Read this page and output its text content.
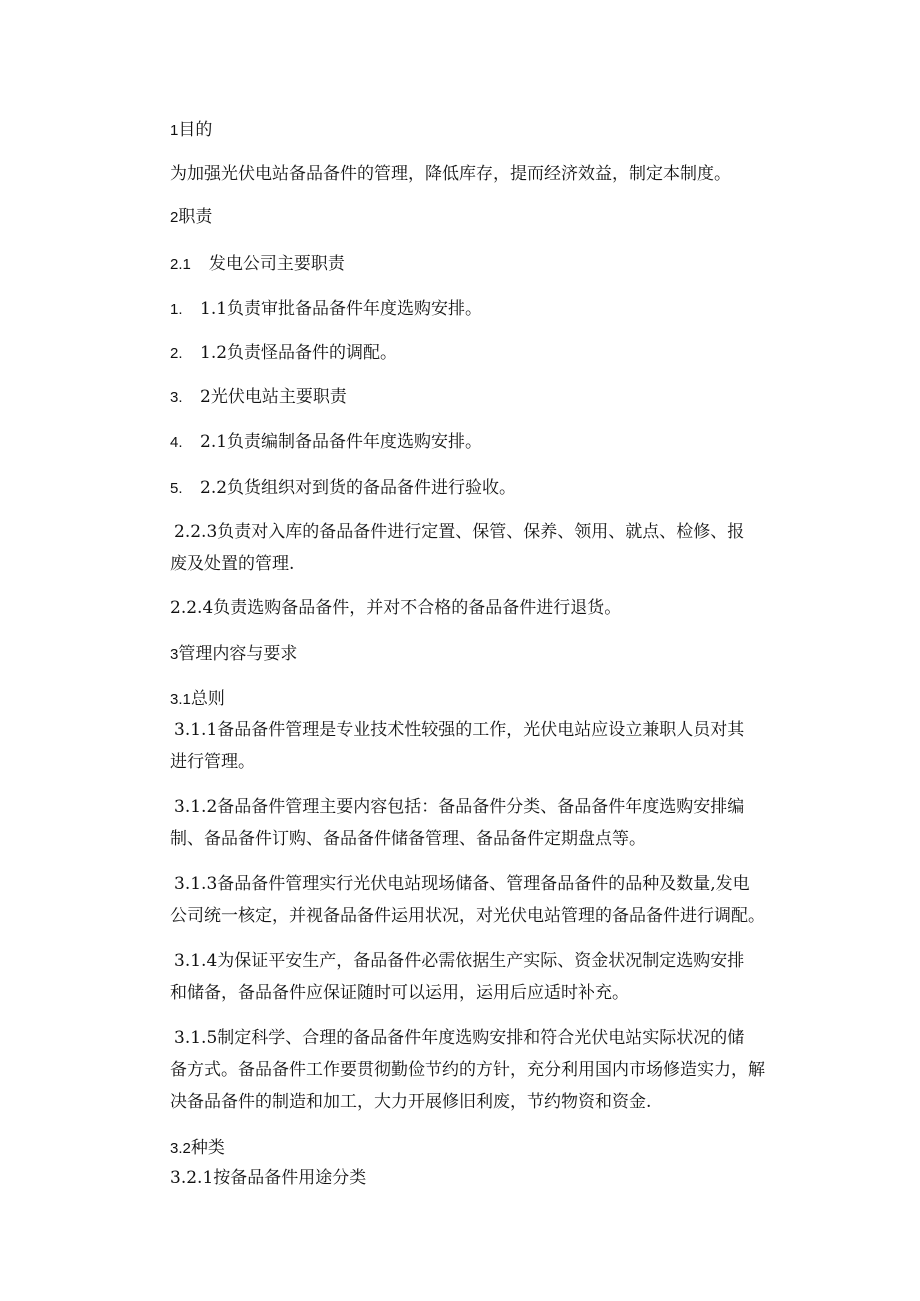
1目的
为加强光伏电站备品备件的管理，降低库存，提而经济效益，制定本制度。
2职责
2.1 发电公司主要职责
1. 1.1负责审批备品备件年度选购安排。
2. 1.2负责怪品备件的调配。
3. 2光伏电站主要职责
4. 2.1负责编制备品备件年度选购安排。
5. 2.2负货组织对到货的备品备件进行验收。
2.2.3负责对入库的备品备件进行定置、保管、保养、领用、就点、检修、报
废及处置的管理.
2.2.4负责选购备品备件，并对不合格的备品备件进行退货。
3管理内容与要求
3.1总则
3.1.1备品备件管理是专业技术性较强的工作，光伏电站应设立兼职人员对其
进行管理。
3.1.2备品备件管理主要内容包括：备品备件分类、备品备件年度选购安排编
制、备品备件订购、备品备件储备管理、备品备件定期盘点等。
3.1.3备品备件管理实行光伏电站现场储备、管理备品备件的品种及数量,发电
公司统一核定，并视备品备件运用状况，对光伏电站管理的备品备件进行调配。
3.1.4为保证平安生产，备品备件必需依据生产实际、资金状况制定选购安排
和储备，备品备件应保证随时可以运用，运用后应适时补充。
3.1.5制定科学、合理的备品备件年度选购安排和符合光伏电站实际状况的储
备方式。备品备件工作要贯彻勤俭节约的方针，充分利用国内市场修造实力，解
决备品备件的制造和加工，大力开展修旧利废，节约物资和资金.
3.2种类
3.2.1按备品备件用途分类
